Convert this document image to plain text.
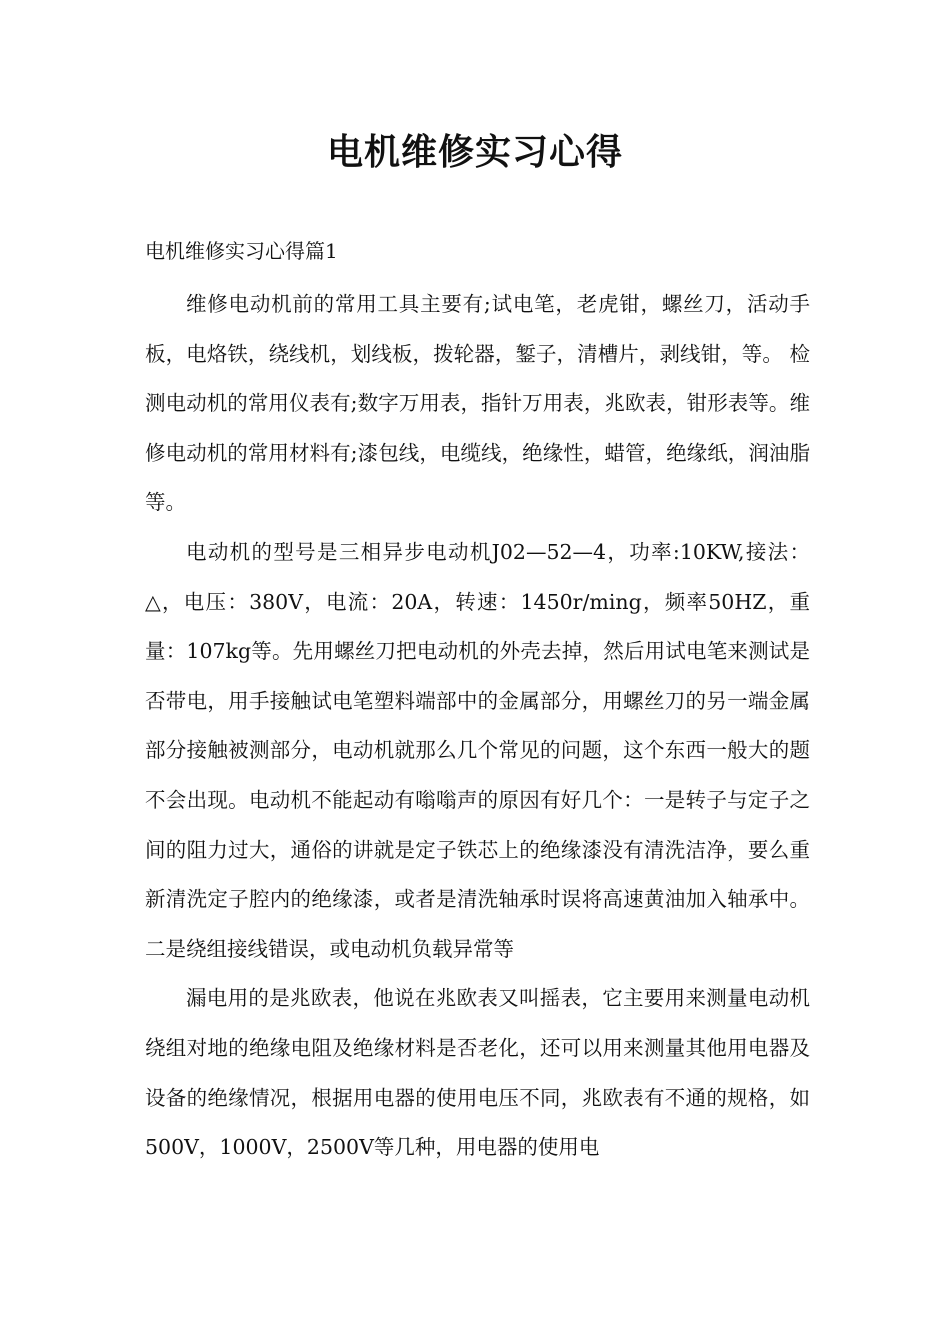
电机维修实习心得

电机维修实习心得篇1

维修电动机前的常用工具主要有;试电笔，老虎钳，螺丝刀，活动手板，电烙铁，绕线机，划线板，拨轮器，錾子，清槽片，剥线钳，等。 检测电动机的常用仪表有;数字万用表，指针万用表，兆欧表，钳形表等。维修电动机的常用材料有;漆包线，电缆线，绝缘性，蜡管，绝缘纸，润油脂等。

电动机的型号是三相异步电动机J02—52—4，功率:10KW,接法：△，电压：380V，电流：20A，转速：1450r/ming，频率50HZ，重量：107kg等。先用螺丝刀把电动机的外壳去掉，然后用试电笔来测试是否带电，用手接触试电笔塑料端部中的金属部分，用螺丝刀的另一端金属部分接触被测部分，电动机就那么几个常见的问题，这个东西一般大的题不会出现。电动机不能起动有嗡嗡声的原因有好几个：一是转子与定子之间的阻力过大，通俗的讲就是定子铁芯上的绝缘漆没有清洗洁净，要么重新清洗定子腔内的绝缘漆，或者是清洗轴承时误将高速黄油加入轴承中。二是绕组接线错误，或电动机负载异常等

漏电用的是兆欧表，他说在兆欧表又叫摇表，它主要用来测量电动机绕组对地的绝缘电阻及绝缘材料是否老化，还可以用来测量其他用电器及设备的绝缘情况，根据用电器的使用电压不同，兆欧表有不通的规格，如500V，1000V，2500V等几种，用电器的使用电
